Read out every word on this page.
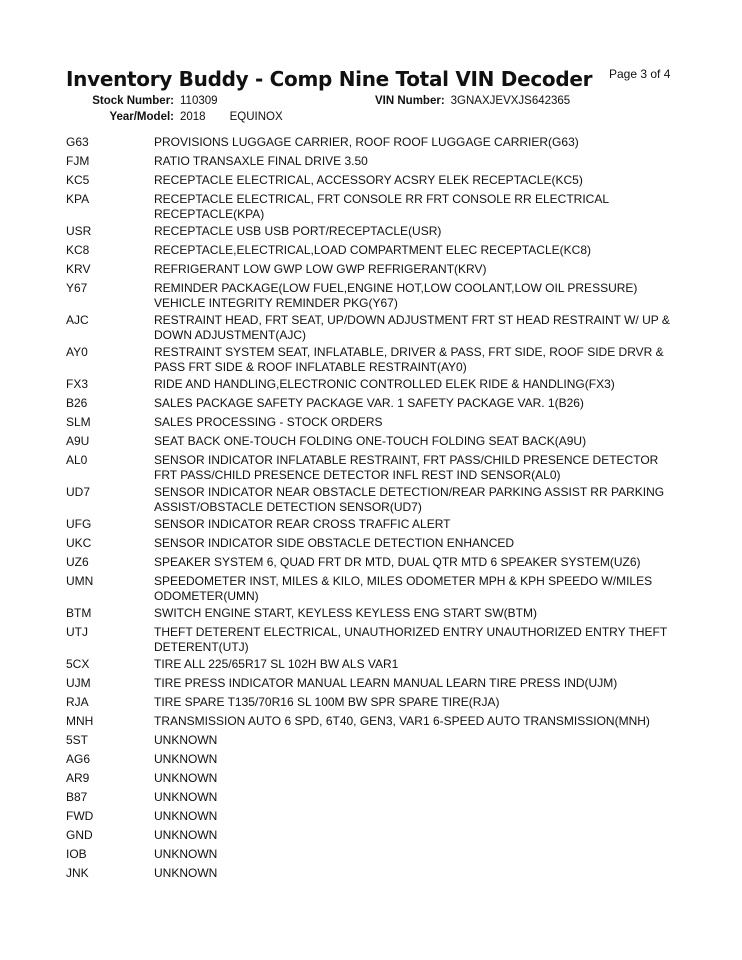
Inventory Buddy - Comp Nine Total VIN Decoder Page 3 of 4
Stock Number: 110309	VIN Number: 3GNAXJEVXJS642365
Year/Model: 2018 EQUINOX
G63	PROVISIONS LUGGAGE CARRIER, ROOF ROOF LUGGAGE CARRIER(G63)
FJM	RATIO TRANSAXLE FINAL DRIVE 3.50
KC5	RECEPTACLE ELECTRICAL, ACCESSORY ACSRY ELEK RECEPTACLE(KC5)
KPA	RECEPTACLE ELECTRICAL, FRT CONSOLE RR FRT CONSOLE RR ELECTRICAL RECEPTACLE(KPA)
USR	RECEPTACLE USB USB PORT/RECEPTACLE(USR)
KC8	RECEPTACLE,ELECTRICAL,LOAD COMPARTMENT ELEC RECEPTACLE(KC8)
KRV	REFRIGERANT LOW GWP LOW GWP REFRIGERANT(KRV)
Y67	REMINDER PACKAGE(LOW FUEL,ENGINE HOT,LOW COOLANT,LOW OIL PRESSURE) VEHICLE INTEGRITY REMINDER PKG(Y67)
AJC	RESTRAINT HEAD, FRT SEAT, UP/DOWN ADJUSTMENT FRT ST HEAD RESTRAINT W/ UP & DOWN ADJUSTMENT(AJC)
AY0	RESTRAINT SYSTEM SEAT, INFLATABLE, DRIVER & PASS, FRT SIDE, ROOF SIDE DRVR & PASS FRT SIDE & ROOF INFLATABLE RESTRAINT(AY0)
FX3	RIDE AND HANDLING,ELECTRONIC CONTROLLED ELEK RIDE & HANDLING(FX3)
B26	SALES PACKAGE SAFETY PACKAGE VAR. 1 SAFETY PACKAGE VAR. 1(B26)
SLM	SALES PROCESSING - STOCK ORDERS
A9U	SEAT BACK ONE-TOUCH FOLDING ONE-TOUCH FOLDING SEAT BACK(A9U)
AL0	SENSOR INDICATOR INFLATABLE RESTRAINT, FRT PASS/CHILD PRESENCE DETECTOR FRT PASS/CHILD PRESENCE DETECTOR INFL REST IND SENSOR(AL0)
UD7	SENSOR INDICATOR NEAR OBSTACLE DETECTION/REAR PARKING ASSIST RR PARKING ASSIST/OBSTACLE DETECTION SENSOR(UD7)
UFG	SENSOR INDICATOR REAR CROSS TRAFFIC ALERT
UKC	SENSOR INDICATOR SIDE OBSTACLE DETECTION ENHANCED
UZ6	SPEAKER SYSTEM 6, QUAD FRT DR MTD, DUAL QTR MTD 6 SPEAKER SYSTEM(UZ6)
UMN	SPEEDOMETER INST, MILES & KILO, MILES ODOMETER MPH & KPH SPEEDO W/MILES ODOMETER(UMN)
BTM	SWITCH ENGINE START, KEYLESS KEYLESS ENG START SW(BTM)
UTJ	THEFT DETERENT ELECTRICAL, UNAUTHORIZED ENTRY UNAUTHORIZED ENTRY THEFT DETERENT(UTJ)
5CX	TIRE ALL 225/65R17 SL 102H BW ALS VAR1
UJM	TIRE PRESS INDICATOR MANUAL LEARN MANUAL LEARN TIRE PRESS IND(UJM)
RJA	TIRE SPARE T135/70R16 SL 100M BW SPR SPARE TIRE(RJA)
MNH	TRANSMISSION AUTO 6 SPD, 6T40, GEN3, VAR1 6-SPEED AUTO TRANSMISSION(MNH)
5ST	UNKNOWN
AG6	UNKNOWN
AR9	UNKNOWN
B87	UNKNOWN
FWD	UNKNOWN
GND	UNKNOWN
IOB	UNKNOWN
JNK	UNKNOWN
